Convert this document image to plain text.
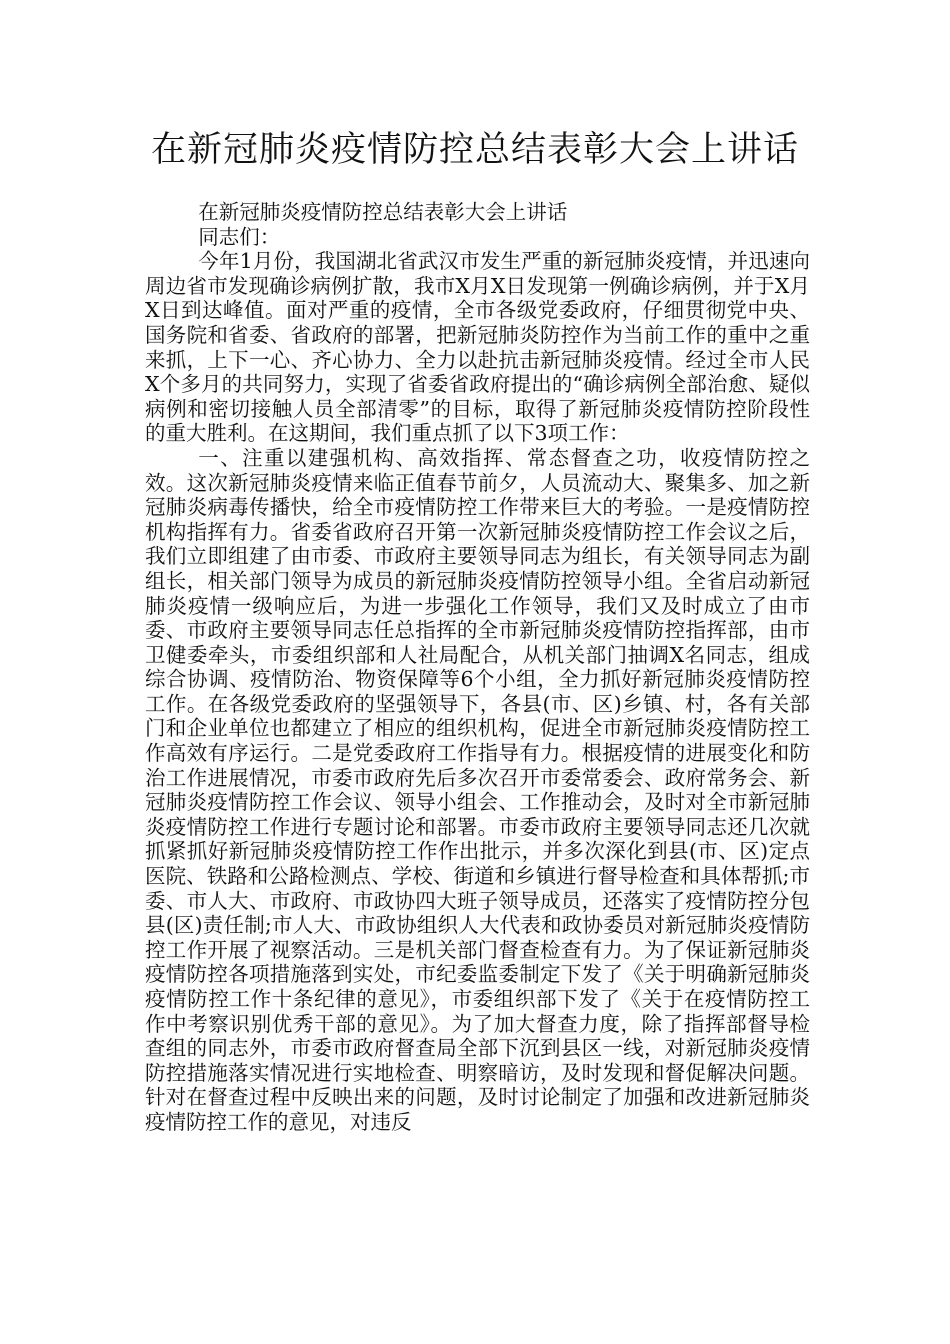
在新冠肺炎疫情防控总结表彰大会上讲话

在新冠肺炎疫情防控总结表彰大会上讲话

同志们：

今年1月份，我国湖北省武汉市发生严重的新冠肺炎疫情，并迅速向周边省市发现确诊病例扩散，我市X月X日发现第一例确诊病例，并于X月X日到达峰值。面对严重的疫情，全市各级党委政府，仔细贯彻党中央、国务院和省委、省政府的部署，把新冠肺炎防控作为当前工作的重中之重来抓，上下一心、齐心协力、全力以赴抗击新冠肺炎疫情。经过全市人民X个多月的共同努力，实现了省委省政府提出的“确诊病例全部治愈、疑似病例和密切接触人员全部清零”的目标，取得了新冠肺炎疫情防控阶段性的重大胜利。在这期间，我们重点抓了以下3项工作：

一、注重以建强机构、高效指挥、常态督查之功，收疫情防控之效。这次新冠肺炎疫情来临正值春节前夕，人员流动大、聚集多、加之新冠肺炎病毒传播快，给全市疫情防控工作带来巨大的考验。一是疫情防控机构指挥有力。省委省政府召开第一次新冠肺炎疫情防控工作会议之后，我们立即组建了由市委、市政府主要领导同志为组长，有关领导同志为副组长，相关部门领导为成员的新冠肺炎疫情防控领导小组。全省启动新冠肺炎疫情一级响应后，为进一步强化工作领导，我们又及时成立了由市委、市政府主要领导同志任总指挥的全市新冠肺炎疫情防控指挥部，由市卫健委牵头，市委组织部和人社局配合，从机关部门抽调X名同志，组成综合协调、疫情防治、物资保障等6个小组，全力抓好新冠肺炎疫情防控工作。在各级党委政府的坚强领导下，各县(市、区)乡镇、村，各有关部门和企业单位也都建立了相应的组织机构，促进全市新冠肺炎疫情防控工作高效有序运行。二是党委政府工作指导有力。根据疫情的进展变化和防治工作进展情况，市委市政府先后多次召开市委常委会、政府常务会、新冠肺炎疫情防控工作会议、领导小组会、工作推动会，及时对全市新冠肺炎疫情防控工作进行专题讨论和部署。市委市政府主要领导同志还几次就抓紧抓好新冠肺炎疫情防控工作作出批示，并多次深化到县(市、区)定点医院、铁路和公路检测点、学校、街道和乡镇进行督导检查和具体帮抓;市委、市人大、市政府、市政协四大班子领导成员，还落实了疫情防控分包县(区)责任制;市人大、市政协组织人大代表和政协委员对新冠肺炎疫情防控工作开展了视察活动。三是机关部门督查检查有力。为了保证新冠肺炎疫情防控各项措施落到实处，市纪委监委制定下发了《关于明确新冠肺炎疫情防控工作十条纪律的意见》，市委组织部下发了《关于在疫情防控工作中考察识别优秀干部的意见》。为了加大督查力度，除了指挥部督导检查组的同志外，市委市政府督查局全部下沉到县区一线，对新冠肺炎疫情防控措施落实情况进行实地检查、明察暗访，及时发现和督促解决问题。针对在督查过程中反映出来的问题，及时讨论制定了加强和改进新冠肺炎疫情防控工作的意见，对违反
